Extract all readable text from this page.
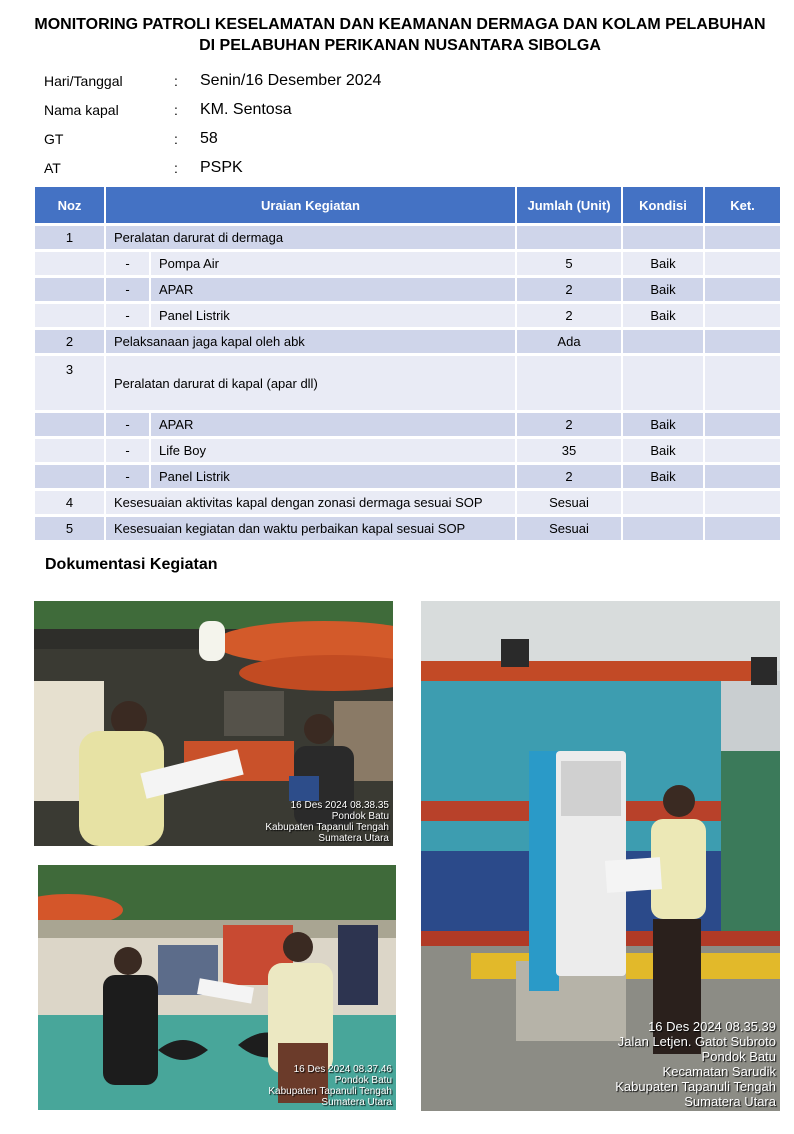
MONITORING PATROLI KESELAMATAN DAN KEAMANAN DERMAGA DAN KOLAM PELABUHAN
DI PELABUHAN PERIKANAN NUSANTARA SIBOLGA
Hari/Tanggal	:	Senin/16 Desember 2024
Nama kapal	:	KM. Sentosa
GT	:	58
AT	:	PSPK
Noz	Uraian Kegiatan		Jumlah (Unit)	Kondisi	Ket.
1	Peralatan darurat di dermaga				
	-	Pompa Air	5	Baik	
	-	APAR	2	Baik	
	-	Panel Listrik	2	Baik	
2	Pelaksanaan jaga kapal oleh abk		Ada		
3	Peralatan darurat di kapal (apar dll)				
	-	APAR	2	Baik	
	-	Life Boy	35	Baik	
	-	Panel Listrik	2	Baik	
4	Kesesuaian aktivitas kapal dengan zonasi dermaga sesuai SOP		Sesuai		
5	Kesesuaian kegiatan dan waktu perbaikan kapal sesuai SOP		Sesuai		
Dokumentasi Kegiatan
16 Des 2024 08.38.35
Pondok Batu
Kabupaten Tapanuli Tengah
Sumatera Utara
16 Des 2024 08.37.46
Pondok Batu
Kabupaten Tapanuli Tengah
Sumatera Utara
16 Des 2024 08.35.39
Jalan Letjen. Gatot Subroto
Pondok Batu
Kecamatan Sarudik
Kabupaten Tapanuli Tengah
Sumatera Utara
